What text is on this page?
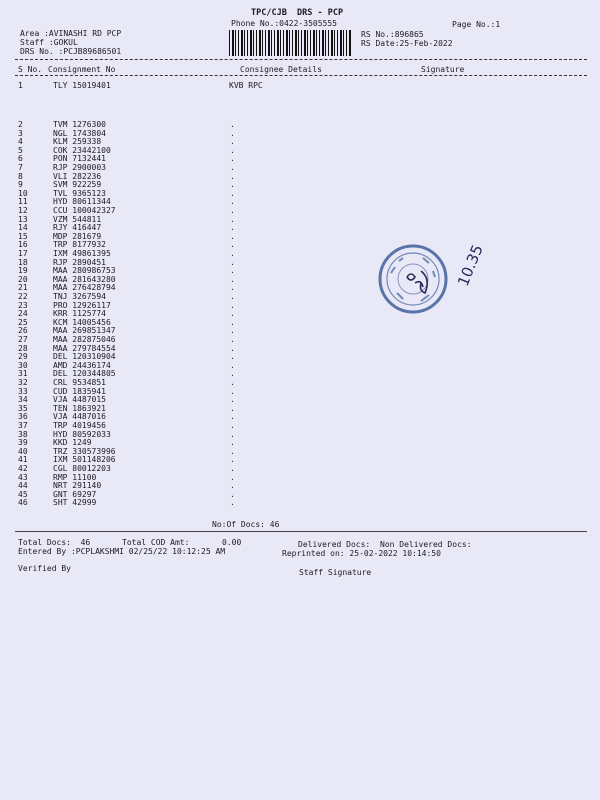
TPC/CJB  DRS - PCP
Phone No.:0422-3505555	Page No.:1
Area :AVINASHI RD PCP
Staff :GOKUL
DRS No. :PCJB89686501
RS No.:896865
RS Date:25-Feb-2022
S No. Consignment No	Consignee Details	Signature
1	TLY 15019401	KVB RPC
2	TVM 1276300	.
3	NGL 1743804	.
4	KLM 259338	.
5	COK 23442100	.
6	PON 7132441	.
7	RJP 2900003	.
8	VLI 282236	.
9	SVM 922259	.
10	TVL 9365123	.
11	HYD 80611344	.
12	CCU 100042327	.
13	VZM 544811	.
14	RJY 416447	.
15	MDP 281679	.
16	TRP 8177932	.
17	IXM 49861395	.
18	RJP 2890451	.
19	MAA 280986753	.
20	MAA 281643280	.
21	MAA 276428794	.
22	TNJ 3267594	.
23	PRO 12926117	.
24	KRR 1125774	.
25	KCM 14005456	.
26	MAA 269851347	.
27	MAA 282875046	.
28	MAA 279784554	.
29	DEL 120310904	.
30	AMD 24436174	.
31	DEL 120344805	.
32	CRL 9534851	.
33	CUD 1835941	.
34	VJA 4487015	.
35	TEN 1863921	.
36	VJA 4487016	.
37	TRP 4019456	.
38	HYD 80592033	.
39	KKD 1249	.
40	TRZ 330573996	.
41	IXM 501148206	.
42	CGL 80012203	.
43	RMP 11100	.
44	NRT 291140	.
45	GNT 69297	.
46	SHT 42999	.
No:Of Docs: 46
Total Docs:  46	Total COD Amt:	0.00	Delivered Docs: Non Delivered Docs:
Entered By :PCPLAKSHMI 02/25/22 10:12:25 AM	Reprinted on: 25-02-2022 10:14:50
Verified By	Staff Signature
10.35
